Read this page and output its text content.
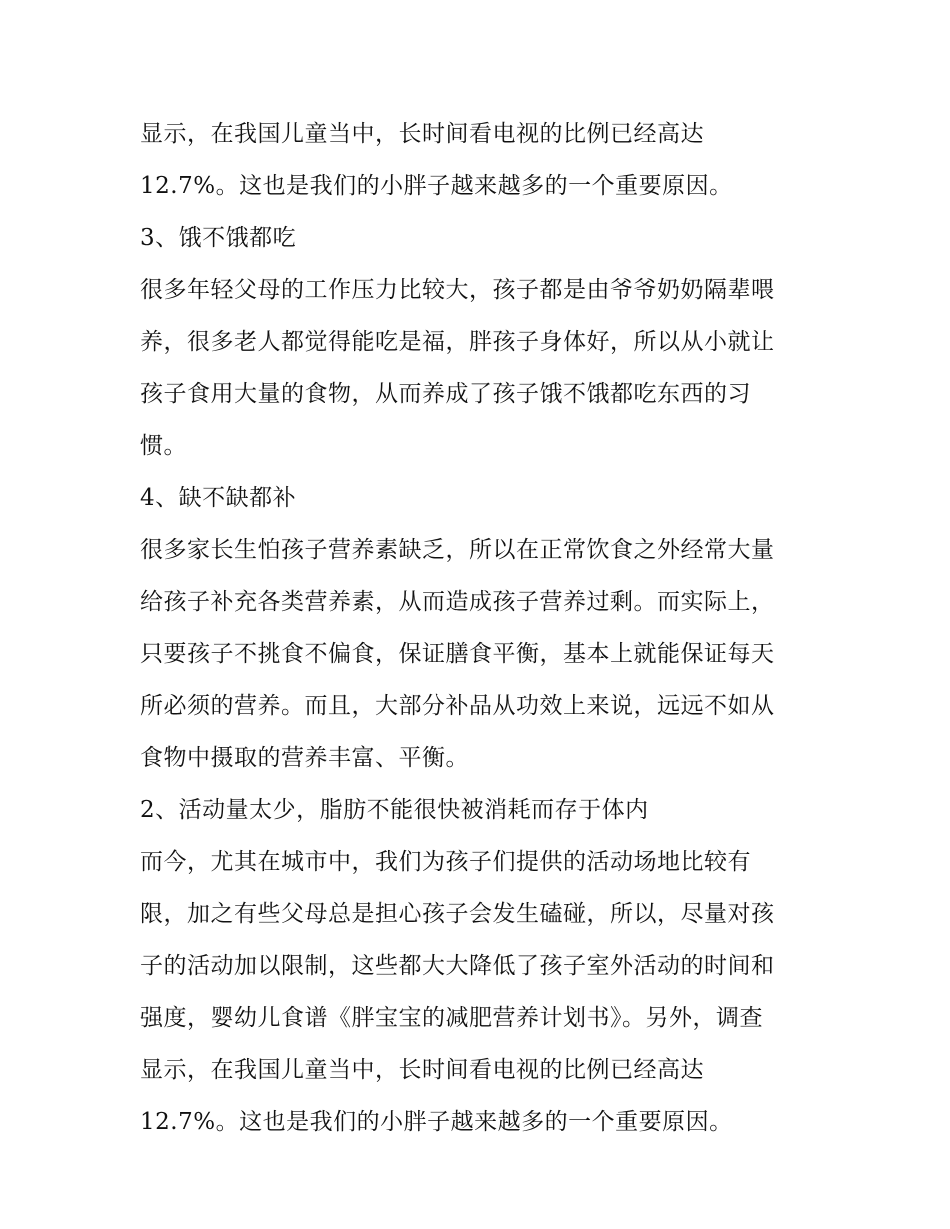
显示，在我国儿童当中，长时间看电视的比例已经高达
12.7%。这也是我们的小胖子越来越多的一个重要原因。
3、饿不饿都吃
很多年轻父母的工作压力比较大，孩子都是由爷爷奶奶隔辈喂
养，很多老人都觉得能吃是福，胖孩子身体好，所以从小就让
孩子食用大量的食物，从而养成了孩子饿不饿都吃东西的习
惯。
4、缺不缺都补
很多家长生怕孩子营养素缺乏，所以在正常饮食之外经常大量
给孩子补充各类营养素，从而造成孩子营养过剩。而实际上，
只要孩子不挑食不偏食，保证膳食平衡，基本上就能保证每天
所必须的营养。而且，大部分补品从功效上来说，远远不如从
食物中摄取的营养丰富、平衡。
2、活动量太少，脂肪不能很快被消耗而存于体内
而今，尤其在城市中，我们为孩子们提供的活动场地比较有
限，加之有些父母总是担心孩子会发生磕碰，所以，尽量对孩
子的活动加以限制，这些都大大降低了孩子室外活动的时间和
强度，婴幼儿食谱《胖宝宝的减肥营养计划书》。另外，调查
显示，在我国儿童当中，长时间看电视的比例已经高达
12.7%。这也是我们的小胖子越来越多的一个重要原因。
